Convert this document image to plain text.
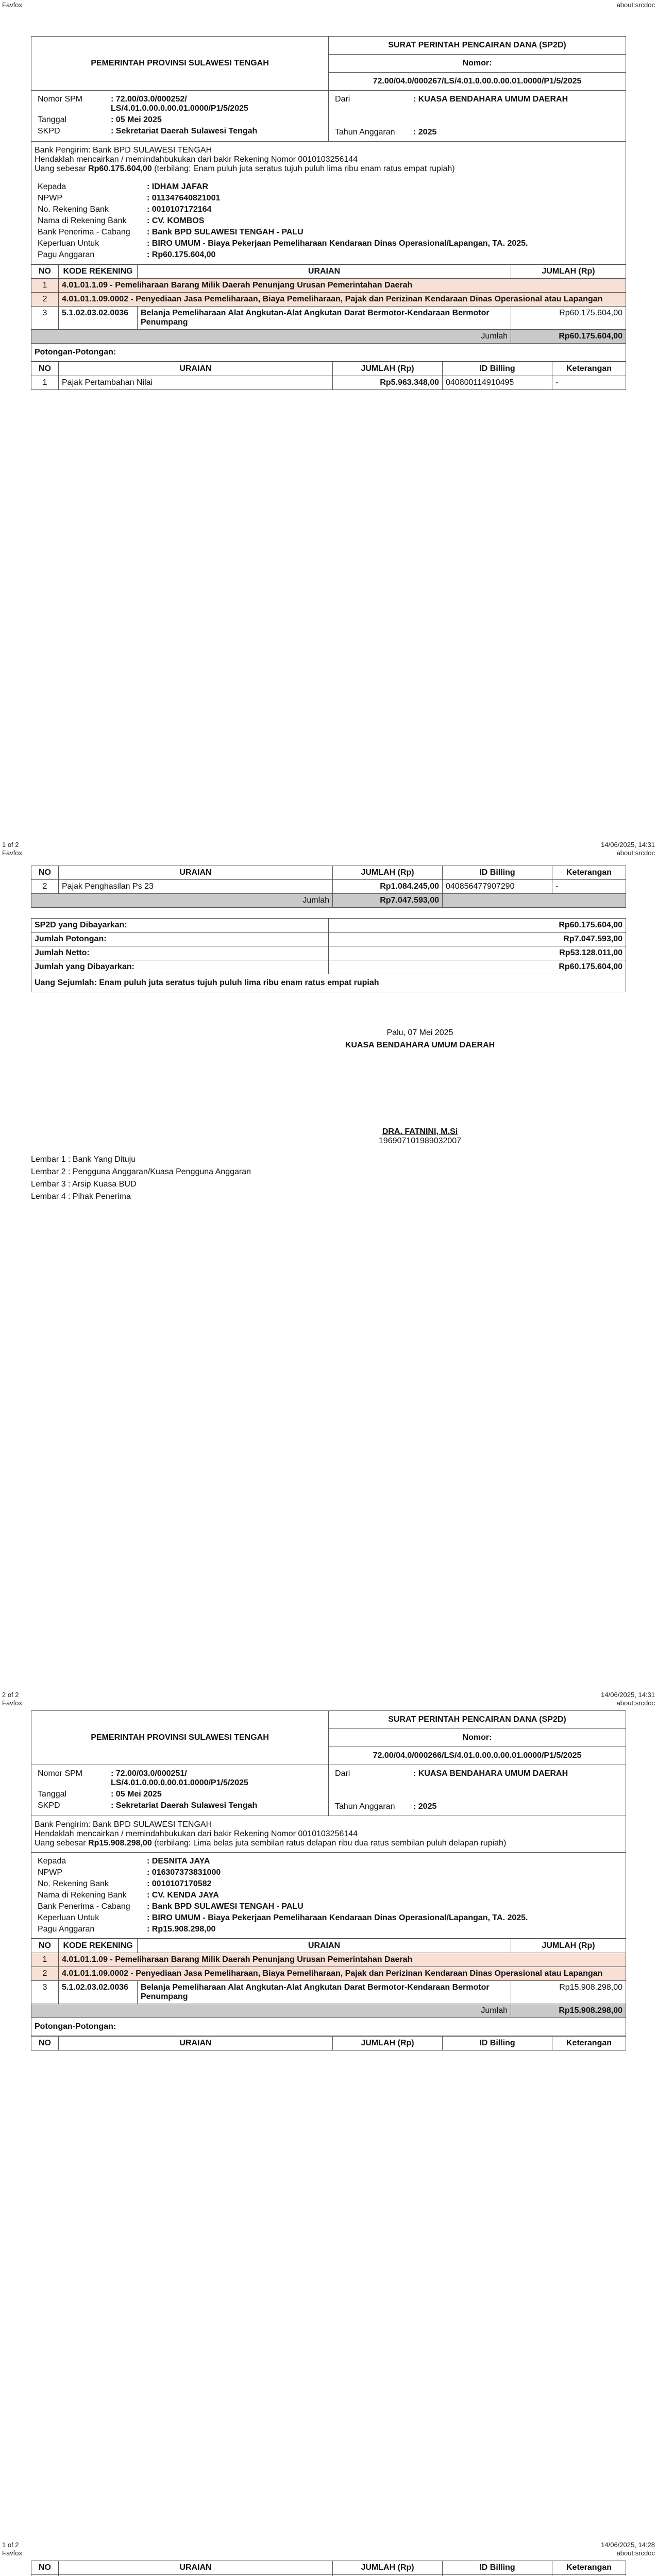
Favfox	about:srcdoc
1 of 2	14/06/2025, 14:31
Favfox	about:srcdoc
2 of 2	14/06/2025, 14:31
Favfox	about:srcdoc
1 of 2	14/06/2025, 14:28
Favfox	about:srcdoc
PEMERINTAH PROVINSI SULAWESI TENGAH	
SURAT PERINTAH PENCAIRAN DANA (SP2D)
Nomor:
72.00/04.0/000267/LS/4.01.0.00.0.00.01.0000/P1/5/2025
Nomor SPM	: 72.00/03.0/000252/ LS/4.01.0.00.0.00.01.0000/P1/5/2025
Tanggal	: 05 Mei 2025
SKPD	: Sekretariat Daerah Sulawesi Tengah

Dari	: KUASA BENDAHARA UMUM DAERAH
Tahun Anggaran	: 2025
Bank Pengirim: Bank BPD SULAWESI TENGAH
Hendaklah mencairkan / memindahbukukan dari bakir Rekening Nomor 0010103256144
Uang sebesar Rp60.175.604,00 (terbilang: Enam puluh juta seratus tujuh puluh lima ribu enam ratus empat rupiah)
Kepada	: IDHAM JAFAR
NPWP	: 011347640821001
No. Rekening Bank	: 0010107172164
Nama di Rekening Bank	: CV. KOMBOS
Bank Penerima - Cabang	: Bank BPD SULAWESI TENGAH - PALU
Keperluan Untuk	: BIRO UMUM - Biaya Pekerjaan Pemeliharaan Kendaraan Dinas Operasional/Lapangan, TA. 2025.
Pagu Anggaran	: Rp60.175.604,00
NO	KODE REKENING	URAIAN	JUMLAH (Rp)
1	4.01.01.1.09 - Pemeliharaan Barang Milik Daerah Penunjang Urusan Pemerintahan Daerah		
2	4.01.01.1.09.0002 - Penyediaan Jasa Pemeliharaan, Biaya Pemeliharaan, Pajak dan Perizinan Kendaraan Dinas Operasional atau Lapangan		
3	5.1.02.03.02.0036	Belanja Pemeliharaan Alat Angkutan-Alat Angkutan Darat Bermotor-Kendaraan Bermotor Penumpang	Rp60.175.604,00
Jumlah			Rp60.175.604,00
Potongan-Potongan:
NO	URAIAN	JUMLAH (Rp)	ID Billing	Keterangan
1	Pajak Pertambahan Nilai	Rp5.963.348,00	040800114910495	-
NO	URAIAN	JUMLAH (Rp)	ID Billing	Keterangan
2	Pajak Penghasilan Ps 23	Rp1.084.245,00	040856477907290	-
Jumlah		Rp7.047.593,00		
SP2D yang Dibayarkan:	Rp60.175.604,00
Jumlah Potongan:	Rp7.047.593,00
Jumlah Netto:	Rp53.128.011,00
Jumlah yang Dibayarkan:	Rp60.175.604,00
Uang Sejumlah: Enam puluh juta seratus tujuh puluh lima ribu enam ratus empat rupiah
Palu, 07 Mei 2025
KUASA BENDAHARA UMUM DAERAH
DRA. FATNINI, M.Si
196907101989032007
Lembar 1 : Bank Yang Dituju
Lembar 2 : Pengguna Anggaran/Kuasa Pengguna Anggaran
Lembar 3 : Arsip Kuasa BUD
Lembar 4 : Pihak Penerima
PEMERINTAH PROVINSI SULAWESI TENGAH	
SURAT PERINTAH PENCAIRAN DANA (SP2D)
Nomor:
72.00/04.0/000266/LS/4.01.0.00.0.00.01.0000/P1/5/2025
Nomor SPM	: 72.00/03.0/000251/ LS/4.01.0.00.0.00.01.0000/P1/5/2025
Tanggal	: 05 Mei 2025
SKPD	: Sekretariat Daerah Sulawesi Tengah

Dari	: KUASA BENDAHARA UMUM DAERAH
Tahun Anggaran	: 2025
Bank Pengirim: Bank BPD SULAWESI TENGAH
Hendaklah mencairkan / memindahbukukan dari bakir Rekening Nomor 0010103256144
Uang sebesar Rp15.908.298,00 (terbilang: Lima belas juta sembilan ratus delapan ribu dua ratus sembilan puluh delapan rupiah)
Kepada	: DESNITA JAYA
NPWP	: 016307373831000
No. Rekening Bank	: 0010107170582
Nama di Rekening Bank	: CV. KENDA JAYA
Bank Penerima - Cabang	: Bank BPD SULAWESI TENGAH - PALU
Keperluan Untuk	: BIRO UMUM - Biaya Pekerjaan Pemeliharaan Kendaraan Dinas Operasional/Lapangan, TA. 2025.
Pagu Anggaran	: Rp15.908.298,00
NO	KODE REKENING	URAIAN	JUMLAH (Rp)
1	4.01.01.1.09 - Pemeliharaan Barang Milik Daerah Penunjang Urusan Pemerintahan Daerah		
2	4.01.01.1.09.0002 - Penyediaan Jasa Pemeliharaan, Biaya Pemeliharaan, Pajak dan Perizinan Kendaraan Dinas Operasional atau Lapangan		
3	5.1.02.03.02.0036	Belanja Pemeliharaan Alat Angkutan-Alat Angkutan Darat Bermotor-Kendaraan Bermotor Penumpang	Rp15.908.298,00
Jumlah			Rp15.908.298,00
Potongan-Potongan:
NO	URAIAN	JUMLAH (Rp)	ID Billing	Keterangan
NO	URAIAN	JUMLAH (Rp)	ID Billing	Keterangan
